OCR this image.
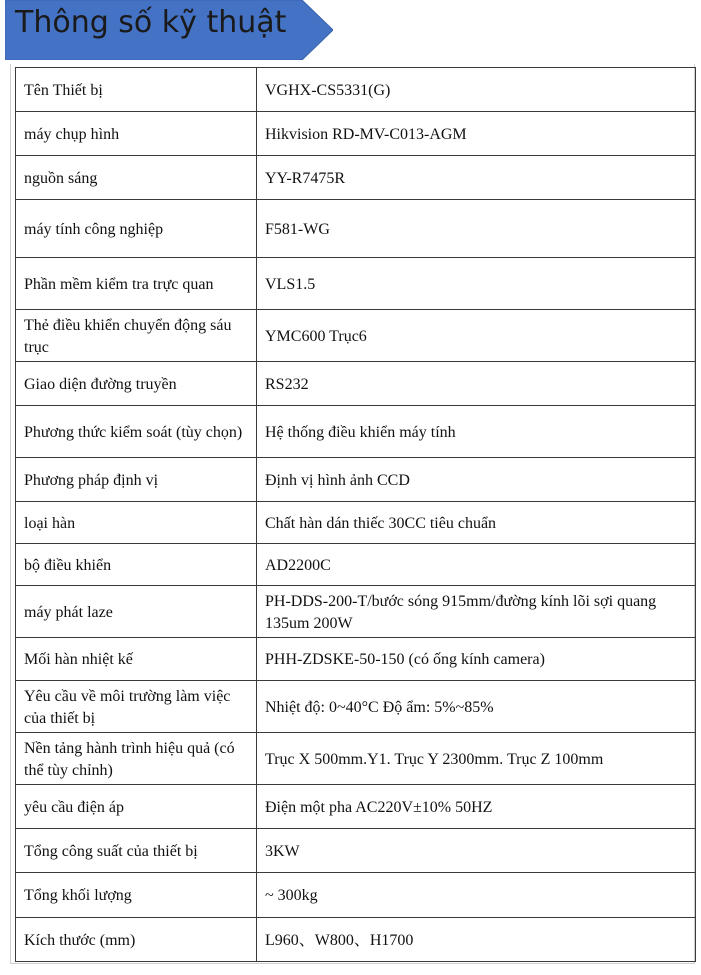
Thông số kỹ thuật
Tên Thiết bị	VGHX-CS5331(G)
máy chụp hình	Hikvision RD-MV-C013-AGM
nguồn sáng	YY-R7475R
máy tính công nghiệp	F581-WG
Phần mềm kiểm tra trực quan	VLS1.5
Thẻ điều khiển chuyển động sáu trục	YMC600 Trục6
Giao diện đường truyền	RS232
Phương thức kiểm soát (tùy chọn)	Hệ thống điều khiển máy tính
Phương pháp định vị	Định vị hình ảnh CCD
loại hàn	Chất hàn dán thiếc 30CC tiêu chuẩn
bộ điều khiển	AD2200C
máy phát laze	PH-DDS-200-T/bước sóng 915mm/đường kính lõi sợi quang 135um 200W
Mối hàn nhiệt kế	PHH-ZDSKE-50-150 (có ống kính camera)
Yêu cầu về môi trường làm việc của thiết bị	Nhiệt độ: 0~40°C Độ ẩm: 5%~85%
Nền tảng hành trình hiệu quả (có thể tùy chỉnh)	Trục X 500mm.Y1. Trục Y 2300mm. Trục Z 100mm
yêu cầu điện áp	Điện một pha AC220V±10% 50HZ
Tổng công suất của thiết bị	3KW
Tổng khối lượng	~ 300kg
Kích thước (mm)	L960、W800、H1700
